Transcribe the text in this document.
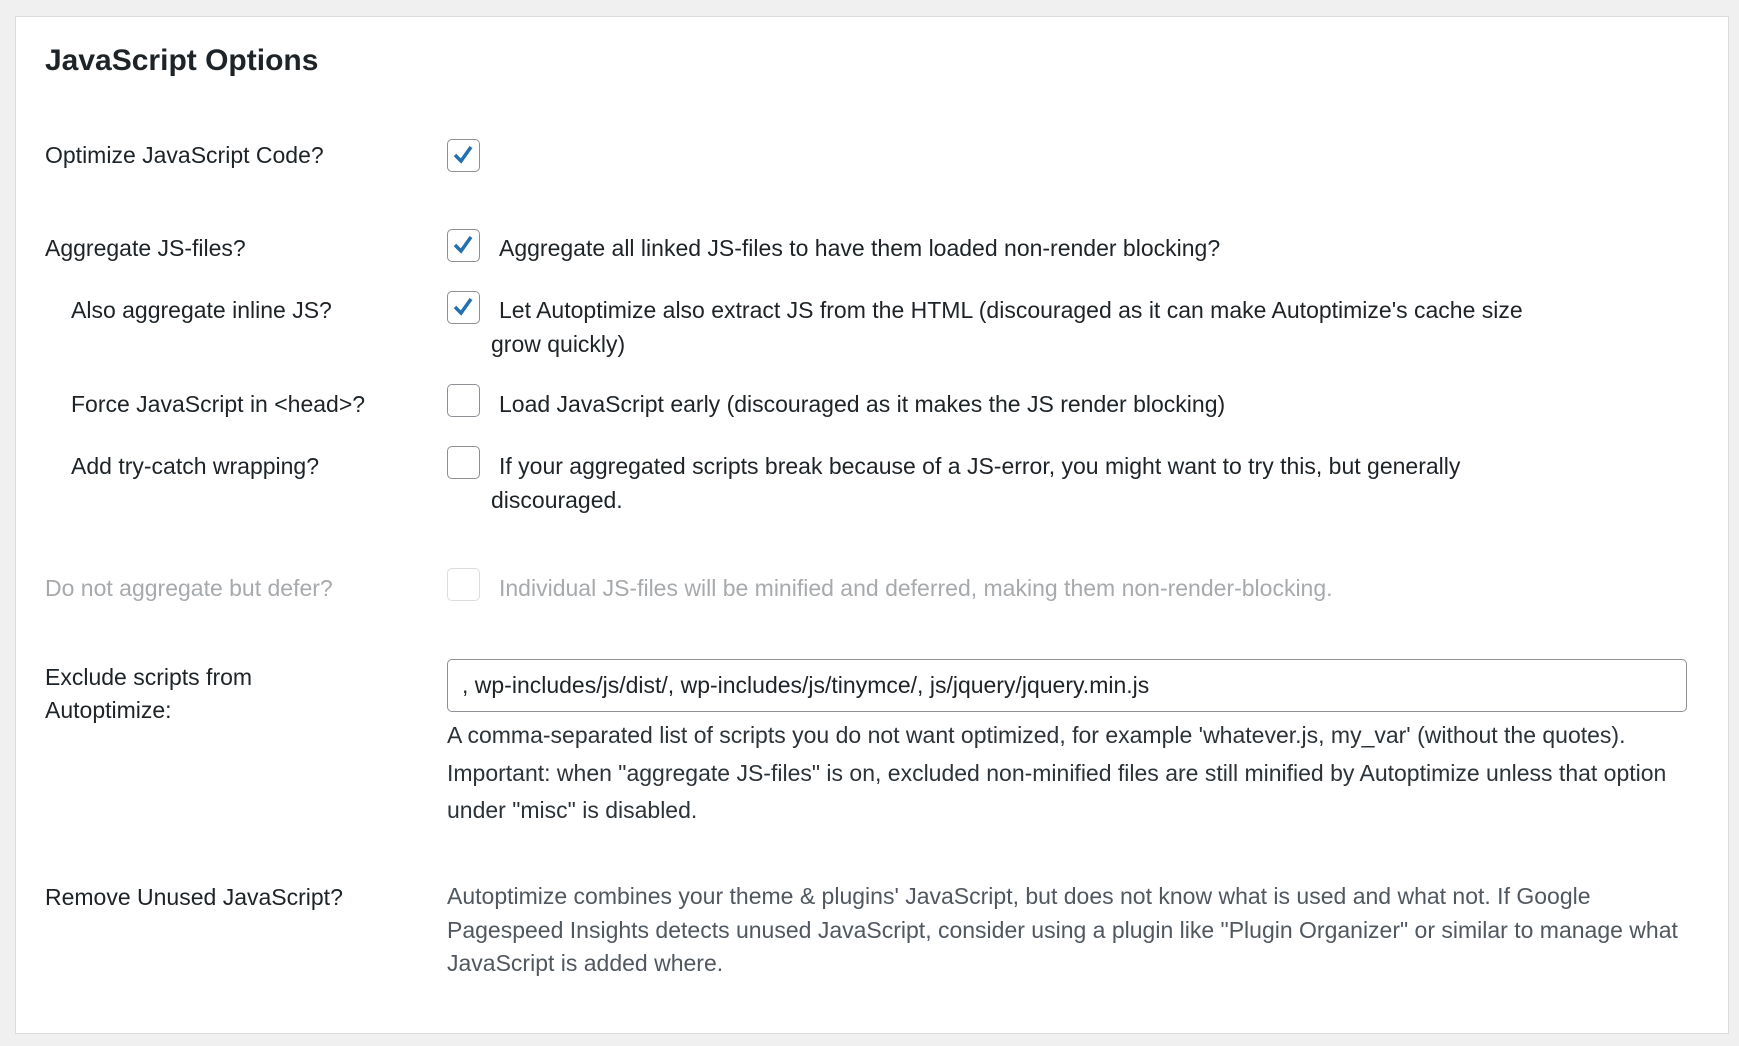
JavaScript Options
Optimize JavaScript Code?
Aggregate JS-files?	Aggregate all linked JS-files to have them loaded non-render blocking?
Also aggregate inline JS?	Let Autoptimize also extract JS from the HTML (discouraged as it can make Autoptimize's cache size
grow quickly)
Force JavaScript in <head>?	Load JavaScript early (discouraged as it makes the JS render blocking)
Add try-catch wrapping?	If your aggregated scripts break because of a JS-error, you might want to try this, but generally
discouraged.
Do not aggregate but defer?	Individual JS-files will be minified and deferred, making them non-render-blocking.
Exclude scripts from
Autoptimize:
, wp-includes/js/dist/, wp-includes/js/tinymce/, js/jquery/jquery.min.js
A comma-separated list of scripts you do not want optimized, for example 'whatever.js, my_var' (without the quotes). Important: when "aggregate JS-files" is on, excluded non-minified files are still minified by Autoptimize unless that option under "misc" is disabled.
Remove Unused JavaScript?	Autoptimize combines your theme & plugins' JavaScript, but does not know what is used and what not. If Google Pagespeed Insights detects unused JavaScript, consider using a plugin like "Plugin Organizer" or similar to manage what JavaScript is added where.
